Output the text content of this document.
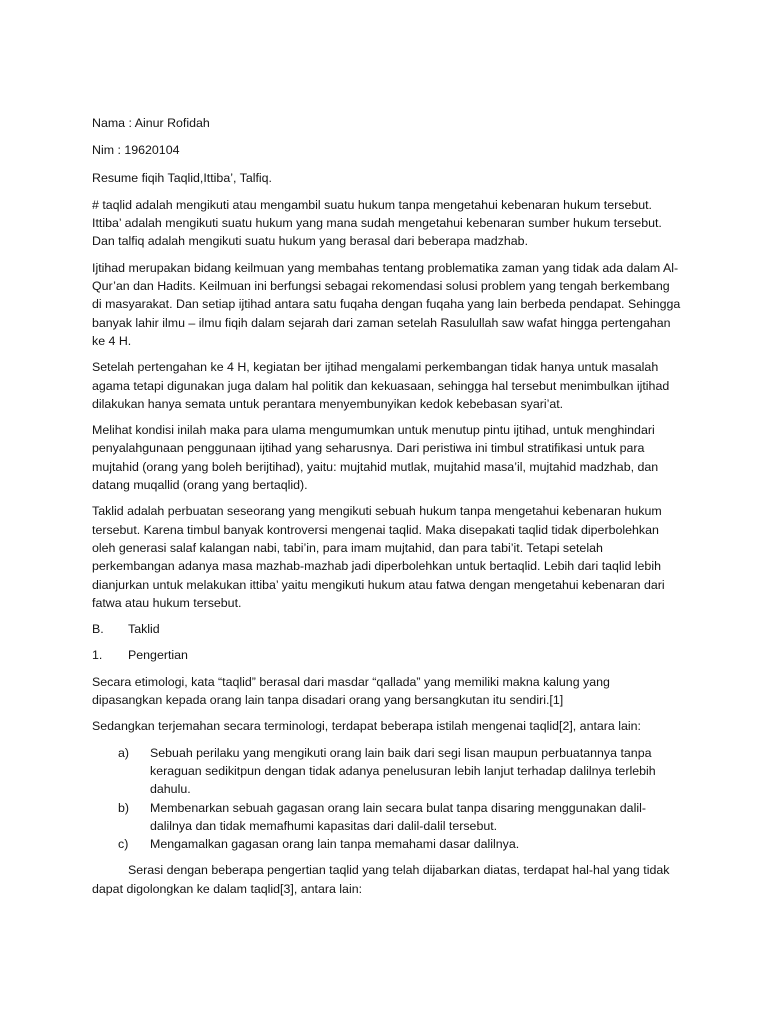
Nama : Ainur Rofidah

Nim : 19620104

Resume fiqih Taqlid,Ittiba’, Talfiq.

# taqlid adalah mengikuti atau mengambil suatu hukum tanpa mengetahui kebenaran hukum tersebut. Ittiba’ adalah mengikuti suatu hukum yang mana sudah mengetahui kebenaran sumber hukum tersebut. Dan talfiq adalah mengikuti suatu hukum yang berasal dari beberapa madzhab.

Ijtihad merupakan bidang keilmuan yang membahas tentang problematika zaman yang tidak ada dalam Al- Qur’an dan Hadits. Keilmuan ini berfungsi sebagai rekomendasi solusi problem yang tengah berkembang di masyarakat. Dan setiap ijtihad antara satu fuqaha dengan fuqaha yang lain berbeda pendapat. Sehingga banyak lahir ilmu – ilmu fiqih dalam sejarah dari zaman setelah Rasulullah saw wafat hingga pertengahan ke 4 H.

Setelah pertengahan ke 4 H, kegiatan ber ijtihad mengalami perkembangan tidak hanya untuk masalah agama tetapi digunakan juga dalam hal politik dan kekuasaan, sehingga hal tersebut menimbulkan ijtihad dilakukan hanya semata untuk perantara menyembunyikan kedok kebebasan syari’at.

Melihat kondisi inilah maka para ulama mengumumkan untuk menutup pintu ijtihad, untuk menghindari penyalahgunaan penggunaan ijtihad yang seharusnya. Dari peristiwa ini timbul stratifikasi untuk para mujtahid (orang yang boleh berijtihad), yaitu: mujtahid mutlak, mujtahid masa’il, mujtahid madzhab, dan datang muqallid (orang yang bertaqlid).

Taklid adalah perbuatan seseorang yang mengikuti sebuah hukum tanpa mengetahui kebenaran hukum tersebut. Karena timbul banyak kontroversi mengenai taqlid. Maka disepakati taqlid tidak diperbolehkan oleh generasi salaf kalangan nabi, tabi’in, para imam mujtahid, dan para tabi’it. Tetapi setelah perkembangan adanya masa mazhab-mazhab jadi diperbolehkan untuk bertaqlid. Lebih dari taqlid lebih dianjurkan untuk melakukan ittiba’ yaitu mengikuti hukum atau fatwa dengan mengetahui kebenaran dari fatwa atau hukum tersebut.

B.	Taklid
1.	Pengertian

Secara etimologi, kata “taqlid” berasal dari masdar “qallada” yang memiliki makna kalung yang dipasangkan kepada orang lain tanpa disadari orang yang bersangkutan itu sendiri.[1]

Sedangkan terjemahan secara terminologi, terdapat beberapa istilah mengenai taqlid[2], antara lain:

a)	Sebuah perilaku yang mengikuti orang lain baik dari segi lisan maupun perbuatannya tanpa keraguan sedikitpun dengan tidak adanya penelusuran lebih lanjut terhadap dalilnya terlebih dahulu.
b)	Membenarkan sebuah gagasan orang lain secara bulat tanpa disaring menggunakan dalil-dalilnya dan tidak memafhumi kapasitas dari dalil-dalil tersebut.
c)	Mengamalkan gagasan orang lain tanpa memahami dasar dalilnya.

Serasi dengan beberapa pengertian taqlid yang telah dijabarkan diatas, terdapat hal-hal yang tidak dapat digolongkan ke dalam taqlid[3], antara lain:
